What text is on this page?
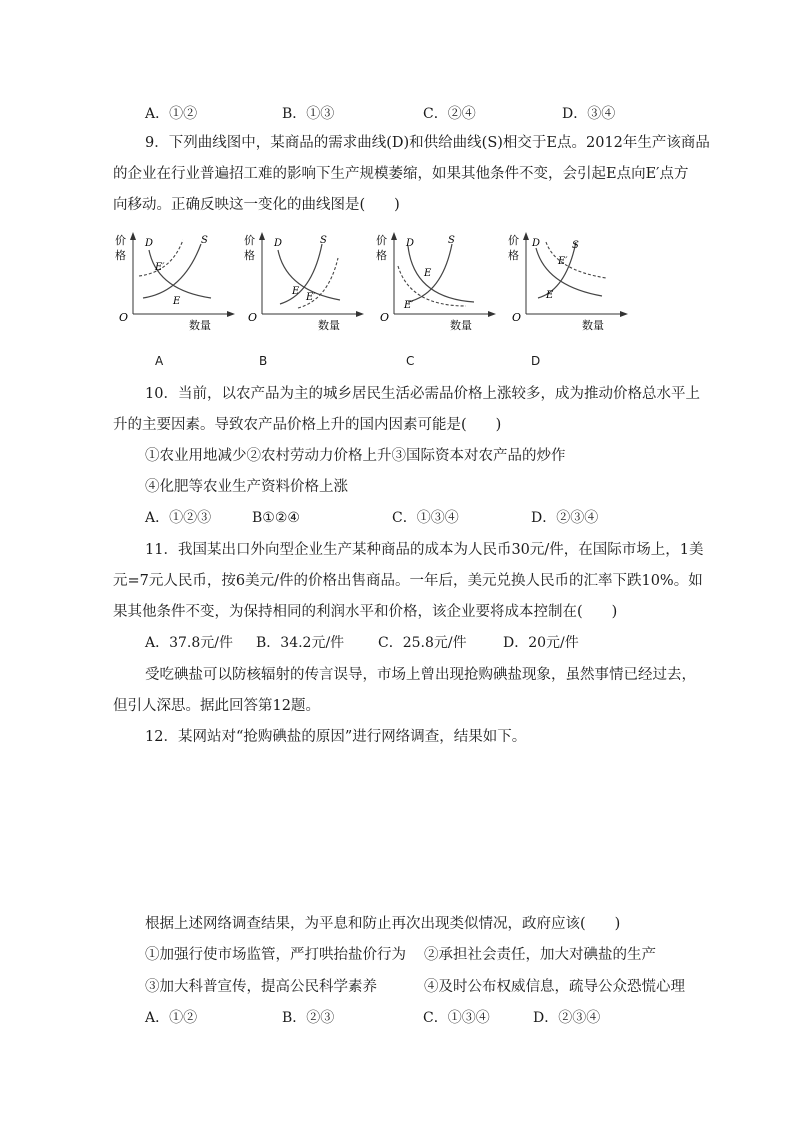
A．①②	B．①③	C．②④	D．③④
9．下列曲线图中，某商品的需求曲线(D)和供给曲线(S)相交于E点。2012年生产该商品
的企业在行业普遍招工难的影响下生产规模萎缩，如果其他条件不变，会引起E点向E′点方
向移动。正确反映这一变化的曲线图是(　　)
价
格
O
数量
D	S
E′
E
价
格
O
数量
D	S
E
E′
价
格
O
数量
D	S
E
E′
价
格
O
数量
D	S
E′
E
A	B	C	D
10．当前，以农产品为主的城乡居民生活必需品价格上涨较多，成为推动价格总水平上
升的主要因素。导致农产品价格上升的国内因素可能是(　　)
①农业用地减少②农村劳动力价格上升③国际资本对农产品的炒作
④化肥等农业生产资料价格上涨
A．①②③	B①②④	C．①③④	D．②③④
11．我国某出口外向型企业生产某种商品的成本为人民币30元/件，在国际市场上，1美
元=7元人民币，按6美元/件的价格出售商品。一年后，美元兑换人民币的汇率下跌10%。如
果其他条件不变，为保持相同的利润水平和价格，该企业要将成本控制在(　　)
A．37.8元/件 B．34.2元/件 C．25.8元/件	D．20元/件
受吃碘盐可以防核辐射的传言误导，市场上曾出现抢购碘盐现象，虽然事情已经过去，
但引人深思。据此回答第12题。
12．某网站对“抢购碘盐的原因”进行网络调查，结果如下。
根据上述网络调查结果，为平息和防止再次出现类似情况，政府应该(　　)
①加强行使市场监管，严打哄抬盐价行为 ②承担社会责任，加大对碘盐的生产
③加大科普宣传，提高公民科学素养	④及时公布权威信息，疏导公众恐慌心理
A．①②	B．②③	C．①③④	D．②③④
